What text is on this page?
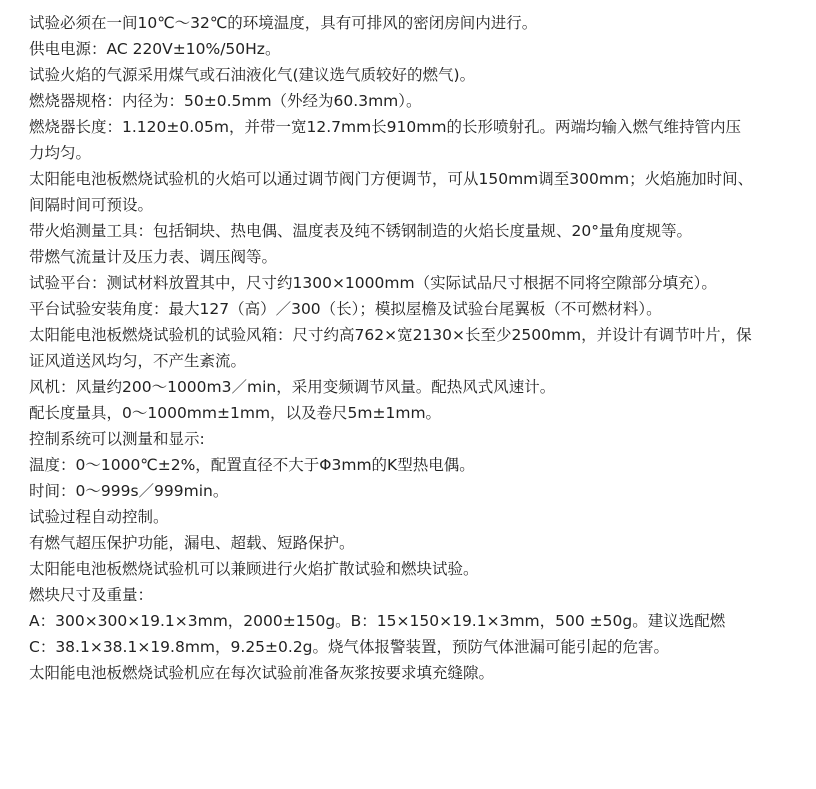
试验必须在一间10℃～32℃的环境温度，具有可排风的密闭房间内进行。

供电电源：AC 220V±10%/50Hz。

试验火焰的气源采用煤气或石油液化气(建议选气质较好的燃气)。

燃烧器规格：内径为：50±0.5mm（外经为60.3mm）。

燃烧器长度：1.120±0.05m，并带一宽12.7mm长910mm的长形喷射孔。两端均输入燃气维持管内压力均匀。

太阳能电池板燃烧试验机的火焰可以通过调节阀门方便调节，可从150mm调至300mm；火焰施加时间、间隔时间可预设。

带火焰测量工具：包括铜块、热电偶、温度表及纯不锈钢制造的火焰长度量规、20°量角度规等。

带燃气流量计及压力表、调压阀等。

试验平台：测试材料放置其中，尺寸约1300×1000mm（实际试品尺寸根据不同将空隙部分填充）。

平台试验安装角度：最大127（高）／300（长）；模拟屋檐及试验台尾翼板（不可燃材料）。

太阳能电池板燃烧试验机的试验风箱：尺寸约高762×宽2130×长至少2500mm，并设计有调节叶片，保证风道送风均匀，不产生紊流。

风机：风量约200～1000m3／min，采用变频调节风量。配热风式风速计。

配长度量具，0～1000mm±1mm，以及卷尺5m±1mm。

控制系统可以测量和显示:

温度：0～1000℃±2%，配置直径不大于Φ3mm的K型热电偶。

时间：0～999s／999min。

试验过程自动控制。

有燃气超压保护功能，漏电、超载、短路保护。

太阳能电池板燃烧试验机可以兼顾进行火焰扩散试验和燃块试验。

燃块尺寸及重量：

A：300×300×19.1×3mm，2000±150g。B：15×150×19.1×3mm，500 ±50g。建议选配燃

C：38.1×38.1×19.8mm，9.25±0.2g。烧气体报警装置，预防气体泄漏可能引起的危害。

太阳能电池板燃烧试验机应在每次试验前准备灰浆按要求填充缝隙。
